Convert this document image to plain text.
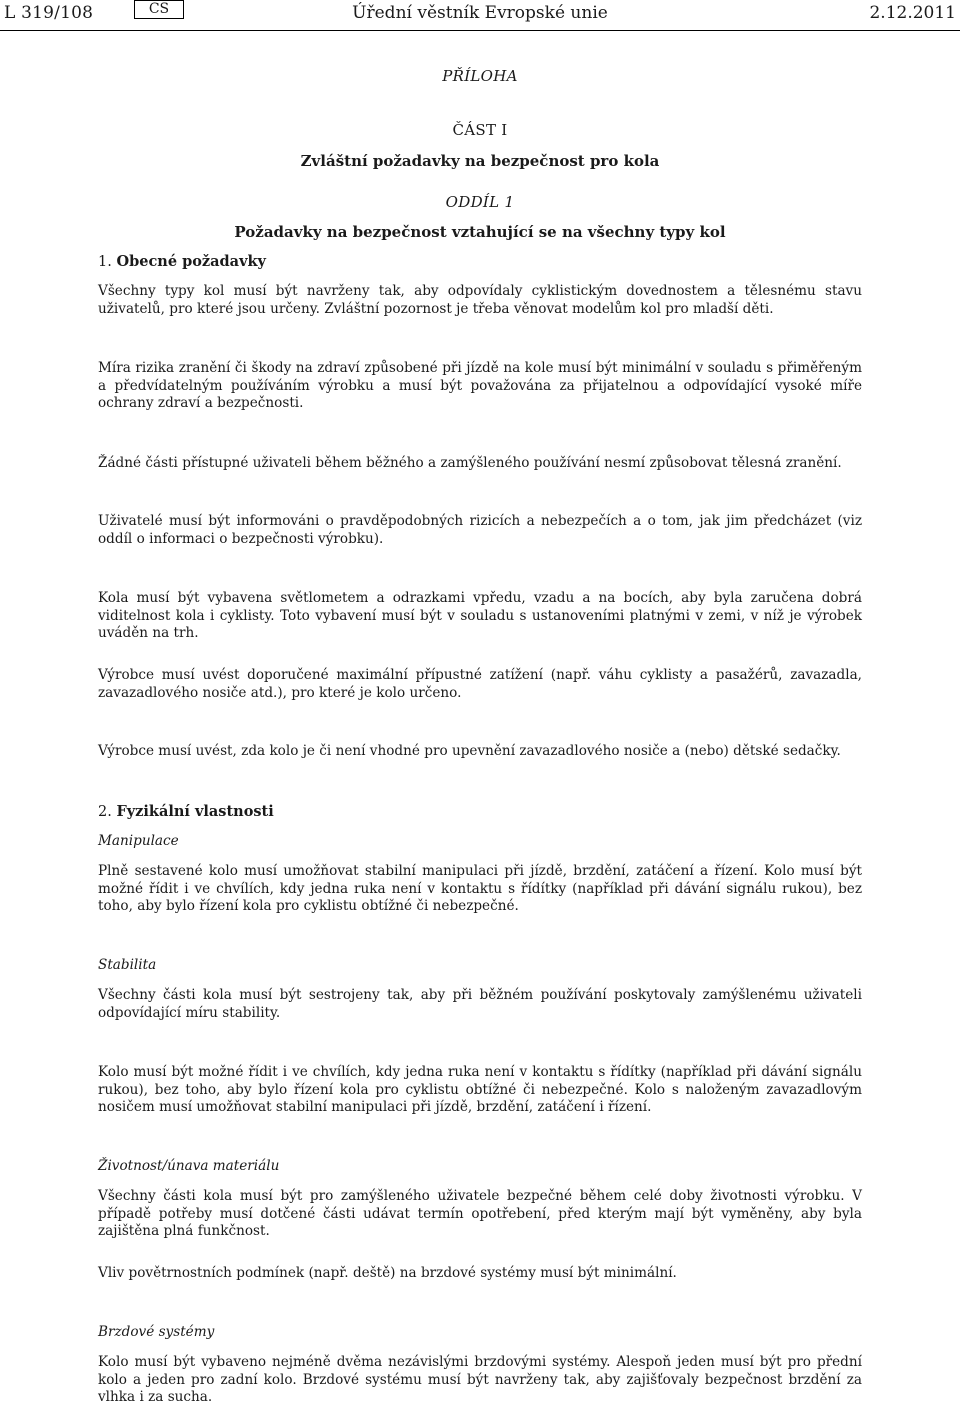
L 319/108	CS	Úřední věstník Evropské unie	2.12.2011
PŘÍLOHA
ČÁST I
Zvláštní požadavky na bezpečnost pro kola
ODDÍL 1
Požadavky na bezpečnost vztahující se na všechny typy kol
1. Obecné požadavky

Všechny typy kol musí být navrženy tak, aby odpovídaly cyklistickým dovednostem a tělesnému stavu uživatelů, pro které jsou určeny. Zvláštní pozornost je třeba věnovat modelům kol pro mladší děti.

Míra rizika zranění či škody na zdraví způsobené při jízdě na kole musí být minimální v souladu s přiměřeným a předvídatelným používáním výrobku a musí být považována za přijatelnou a odpovídající vysoké míře ochrany zdraví a bezpečnosti.

Žádné části přístupné uživateli během běžného a zamýšleného používání nesmí způsobovat tělesná zranění.

Uživatelé musí být informováni o pravděpodobných rizicích a nebezpečích a o tom, jak jim předcházet (viz oddíl o informaci o bezpečnosti výrobku).

Kola musí být vybavena světlometem a odrazkami vpředu, vzadu a na bocích, aby byla zaručena dobrá viditelnost kola i cyklisty. Toto vybavení musí být v souladu s ustanoveními platnými v zemi, v níž je výrobek uváděn na trh.

Výrobce musí uvést doporučené maximální přípustné zatížení (např. váhu cyklisty a pasažérů, zavazadla, zavazadlového nosiče atd.), pro které je kolo určeno.

Výrobce musí uvést, zda kolo je či není vhodné pro upevnění zavazadlového nosiče a (nebo) dětské sedačky.

2. Fyzikální vlastnosti
Manipulace

Plně sestavené kolo musí umožňovat stabilní manipulaci při jízdě, brzdění, zatáčení a řízení. Kolo musí být možné řídit i ve chvílích, kdy jedna ruka není v kontaktu s řídítky (například při dávání signálu rukou), bez toho, aby bylo řízení kola pro cyklistu obtížné či nebezpečné.

Stabilita

Všechny části kola musí být sestrojeny tak, aby při běžném používání poskytovaly zamýšlenému uživateli odpovídající míru stability.

Kolo musí být možné řídit i ve chvílích, kdy jedna ruka není v kontaktu s řídítky (například při dávání signálu rukou), bez toho, aby bylo řízení kola pro cyklistu obtížné či nebezpečné. Kolo s naloženým zavazadlovým nosičem musí umožňovat stabilní manipulaci při jízdě, brzdění, zatáčení i řízení.

Životnost/únava materiálu

Všechny části kola musí být pro zamýšleného uživatele bezpečné během celé doby životnosti výrobku. V případě potřeby musí dotčené části udávat termín opotřebení, před kterým mají být vyměněny, aby byla zajištěna plná funkčnost.

Vliv povětrnostních podmínek (např. deště) na brzdové systémy musí být minimální.

Brzdové systémy

Kolo musí být vybaveno nejméně dvěma nezávislými brzdovými systémy. Alespoň jeden musí být pro přední kolo a jeden pro zadní kolo. Brzdové systému musí být navrženy tak, aby zajišťovaly bezpečnost brzdění za vlhka i za sucha.
